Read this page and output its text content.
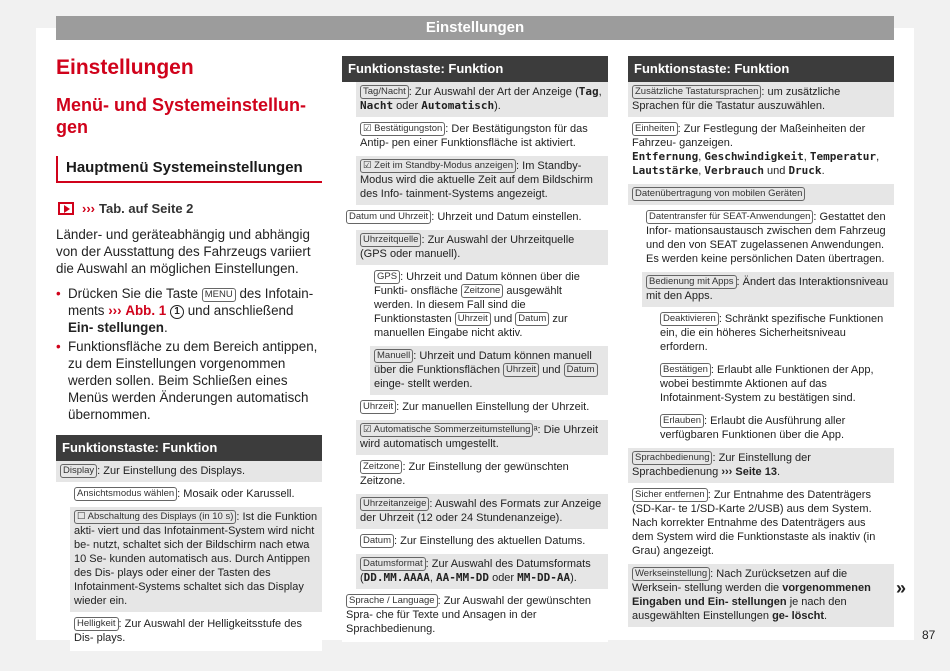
Einstellungen
Einstellungen
Menü- und Systemeinstellun- gen
Hauptmenü Systemeinstellungen
››› Tab. auf Seite 2

Länder- und geräteabhängig und abhängig von der Ausstattung des Fahrzeugs variiert die Auswahl an möglichen Einstellungen.

• Drücken Sie die Taste MENU des Infotain- ments ››› Abb. 1 1 und anschließend Ein- stellungen.
• Funktionsfläche zu dem Bereich antippen, zu dem Einstellungen vorgenommen werden sollen. Beim Schließen eines Menüs werden Änderungen automatisch übernommen.
Funktionstaste: Funktion
Display : Zur Einstellung des Displays.
Ansichtsmodus wählen : Mosaik oder Karussell.
☐ Abschaltung des Displays (in 10 s) : Ist die Funktion akti- viert und das Infotainment-System wird nicht be- nutzt, schaltet sich der Bildschirm nach etwa 10 Se- kunden automatisch aus. Durch Antippen des Dis- plays oder einer der Tasten des Infotainment-Systems schaltet sich das Display wieder ein.
Helligkeit : Zur Auswahl der Helligkeitsstufe des Dis- plays.
Funktionstaste: Funktion
Tag/Nacht : Zur Auswahl der Art der Anzeige (Tag, Nacht oder Automatisch).
☑ Bestätigungston : Der Bestätigungston für das Antip- pen einer Funktionsfläche ist aktiviert.
☑ Zeit im Standby-Modus anzeigen : Im Standby-Modus wird die aktuelle Zeit auf dem Bildschirm des Info- tainment-Systems angezeigt.
Datum und Uhrzeit : Uhrzeit und Datum einstellen.
Uhrzeitquelle : Zur Auswahl der Uhrzeitquelle (GPS oder manuell).
GPS : Uhrzeit und Datum können über die Funkti- onsfläche Zeitzone ausgewählt werden. In diesem Fall sind die Funktionstasten Uhrzeit und Datum zur manuellen Eingabe nicht aktiv.
Manuell : Uhrzeit und Datum können manuell über die Funktionsflächen Uhrzeit und Datum einge- stellt werden.
Uhrzeit : Zur manuellen Einstellung der Uhrzeit.
☑ Automatische Sommerzeitumstellung ᵃ: Die Uhrzeit wird automatisch umgestellt.
Zeitzone : Zur Einstellung der gewünschten Zeitzone.
Uhrzeitanzeige : Auswahl des Formats zur Anzeige der Uhrzeit (12 oder 24 Stundenanzeige).
Datum : Zur Einstellung des aktuellen Datums.
Datumsformat : Zur Auswahl des Datumsformats (DD.MM.AAAA, AA-MM-DD oder MM-DD-AA).
Sprache / Language : Zur Auswahl der gewünschten Spra- che für Texte und Ansagen in der Sprachbedienung.
Funktionstaste: Funktion
Zusätzliche Tastatursprachen : um zusätzliche Sprachen für die Tastatur auszuwählen.
Einheiten : Zur Festlegung der Maßeinheiten der Fahrzeu- ganzeigen.
Entfernung, Geschwindigkeit, Temperatur, Lautstärke, Verbrauch und Druck.
Datenübertragung von mobilen Geräten
Datentransfer für SEAT-Anwendungen : Gestattet den Infor- mationsaustausch zwischen dem Fahrzeug und den von SEAT zugelassenen Anwendungen. Es werden keine persönlichen Daten übertragen.
Bedienung mit Apps : Ändert das Interaktionsniveau mit den Apps.
Deaktivieren : Schränkt spezifische Funktionen ein, die ein höheres Sicherheitsniveau erfordern.
Bestätigen : Erlaubt alle Funktionen der App, wobei bestimmte Aktionen auf das Infotainment-System zu bestätigen sind.
Erlauben : Erlaubt die Ausführung aller verfügbaren Funktionen über die App.
Sprachbedienung : Zur Einstellung der Sprachbedienung ››› Seite 13.
Sicher entfernen : Zur Entnahme des Datenträgers (SD-Kar- te 1/SD-Karte 2/USB) aus dem System. Nach korrekter Entnahme des Datenträgers aus dem System wird die Funktionstaste als inaktiv (in Grau) angezeigt.
Werkseinstellung : Nach Zurücksetzen auf die Werksein- stellung werden die vorgenommenen Eingaben und Ein- stellungen je nach den ausgewählten Einstellungen ge- löscht.
»
87
